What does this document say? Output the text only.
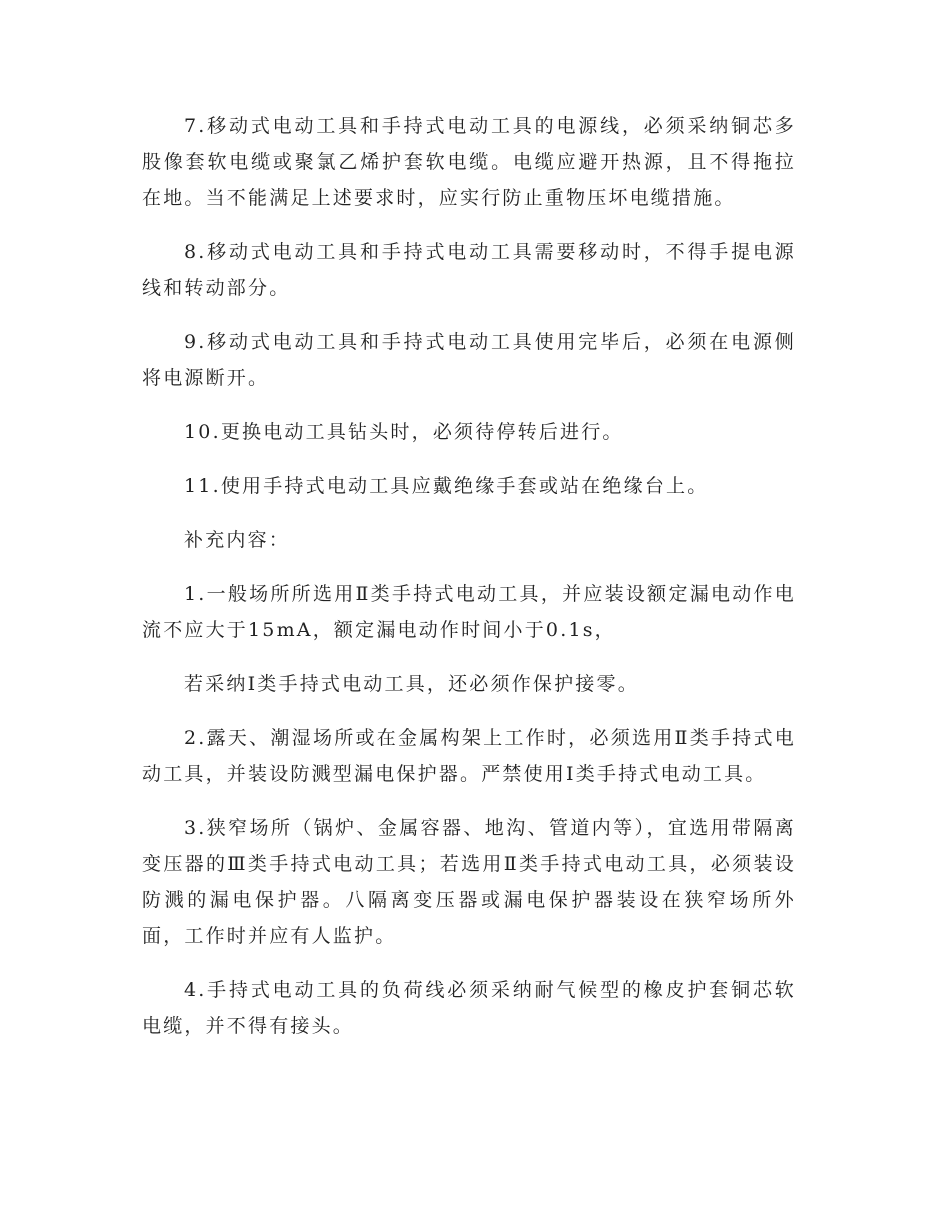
7.移动式电动工具和手持式电动工具的电源线，必须采纳铜芯多股像套软电缆或聚氯乙烯护套软电缆。电缆应避开热源，且不得拖拉在地。当不能满足上述要求时，应实行防止重物压坏电缆措施。

8.移动式电动工具和手持式电动工具需要移动时，不得手提电源线和转动部分。

9.移动式电动工具和手持式电动工具使用完毕后，必须在电源侧将电源断开。

10.更换电动工具钻头时，必须待停转后进行。

11.使用手持式电动工具应戴绝缘手套或站在绝缘台上。

补充内容：

1.一般场所所选用Ⅱ类手持式电动工具，并应装设额定漏电动作电流不应大于15mA，额定漏电动作时间小于0.1s，

若采纳Ⅰ类手持式电动工具，还必须作保护接零。

2.露天、潮湿场所或在金属构架上工作时，必须选用Ⅱ类手持式电动工具，并装设防溅型漏电保护器。严禁使用Ⅰ类手持式电动工具。

3.狭窄场所（锅炉、金属容器、地沟、管道内等），宜选用带隔离变压器的Ⅲ类手持式电动工具；若选用Ⅱ类手持式电动工具，必须装设防溅的漏电保护器。八隔离变压器或漏电保护器装设在狭窄场所外面，工作时并应有人监护。

4.手持式电动工具的负荷线必须采纳耐气候型的橡皮护套铜芯软电缆，并不得有接头。
